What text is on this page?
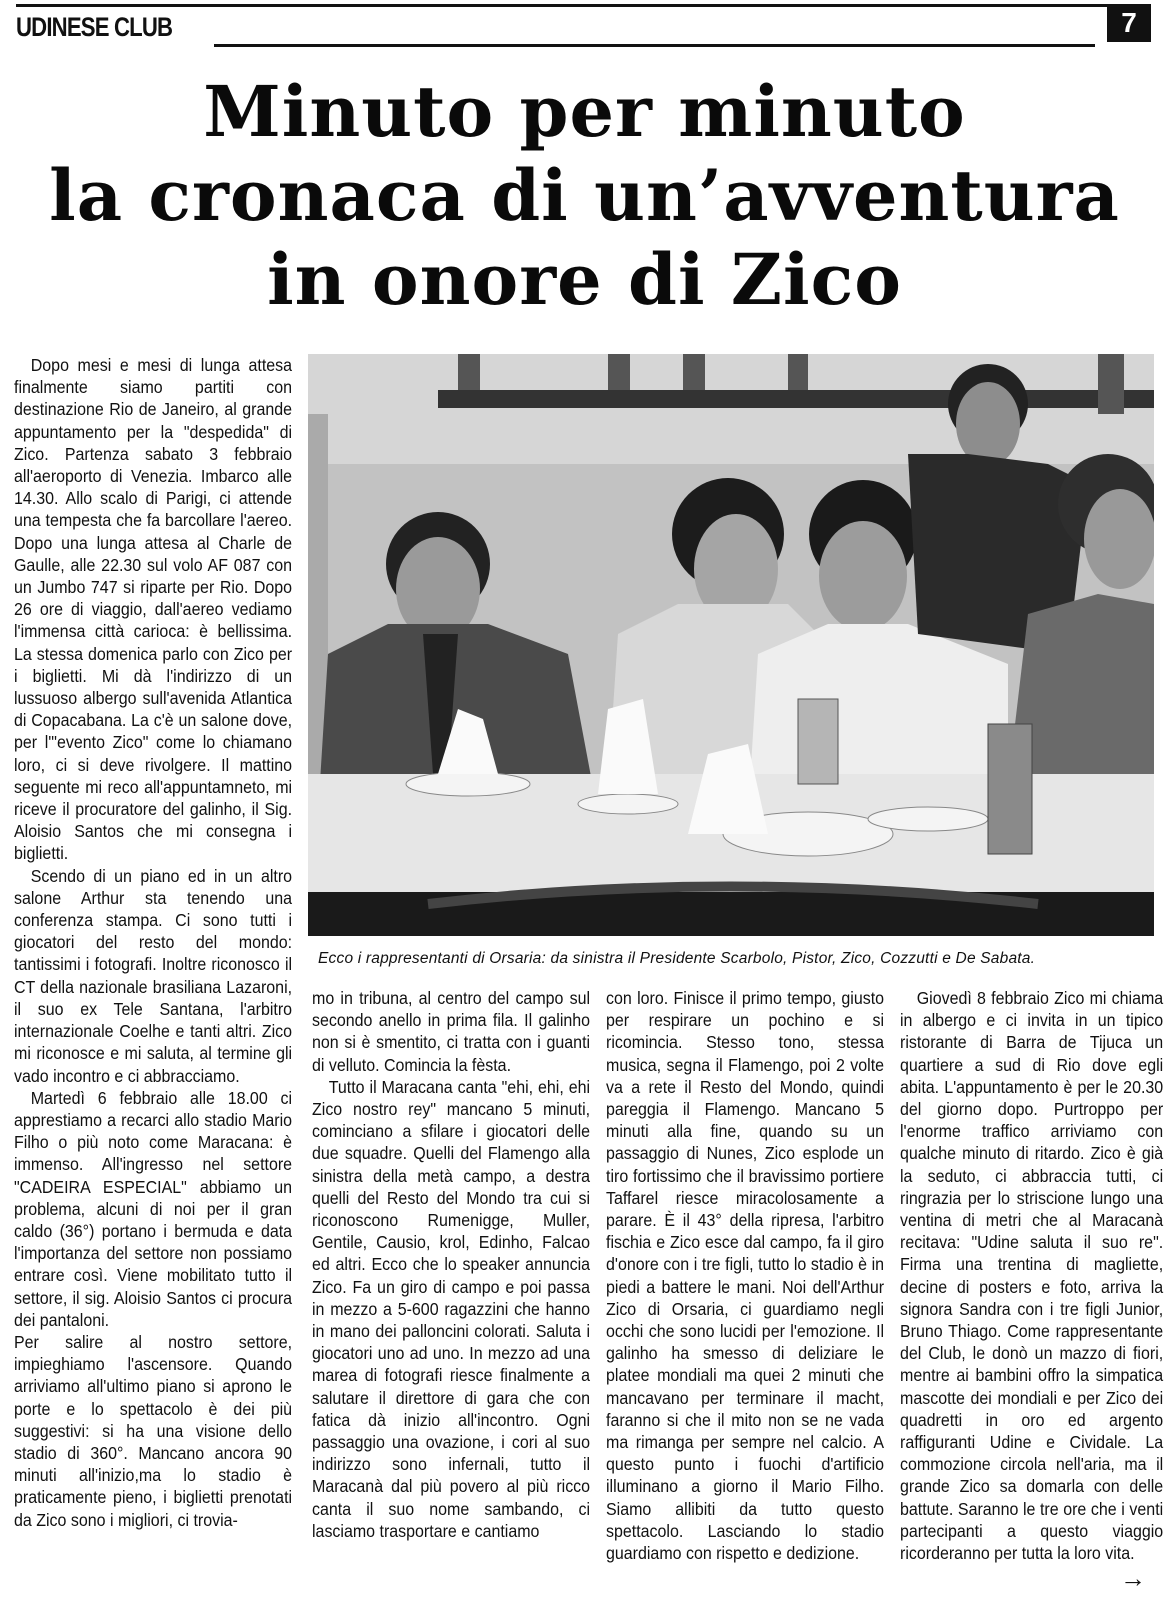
UDINESE CLUB	7
Minuto per minuto
la cronaca di un’avventura
in onore di Zico
Ecco i rappresentanti di Orsaria: da sinistra il Presidente Scarbolo, Pistor, Zico, Cozzutti e De Sabata.

Dopo mesi e mesi di lunga attesa finalmente siamo partiti con destinazione Rio de Janeiro, al grande appuntamento per la "despedida" di Zico. Partenza sabato 3 febbraio all'aeroporto di Venezia. Imbarco alle 14.30. Allo scalo di Parigi, ci attende una tempesta che fa barcollare l'aereo. Dopo una lunga attesa al Charle de Gaulle, alle 22.30 sul volo AF 087 con un Jumbo 747 si riparte per Rio. Dopo 26 ore di viaggio, dall'aereo vediamo l'immensa città carioca: è bellissima. La stessa domenica parlo con Zico per i biglietti. Mi dà l'indirizzo di un lussuoso albergo sull'avenida Atlantica di Copacabana. La c'è un salone dove, per l'"evento Zico" come lo chiamano loro, ci si deve rivolgere. Il mattino seguente mi reco all'appuntamneto, mi riceve il procuratore del galinho, il Sig. Aloisio Santos che mi consegna i biglietti.

Scendo di un piano ed in un altro salone Arthur sta tenendo una conferenza stampa. Ci sono tutti i giocatori del resto del mondo: tantissimi i fotografi. Inoltre riconosco il CT della nazionale brasiliana Lazaroni, il suo ex Tele Santana, l'arbitro internazionale Coelhe e tanti altri. Zico mi riconosce e mi saluta, al termine gli vado incontro e ci abbracciamo.

Martedì 6 febbraio alle 18.00 ci apprestiamo a recarci allo stadio Mario Filho o più noto come Maracana: è immenso. All'ingresso nel settore "CADEIRA ESPECIAL" abbiamo un problema, alcuni di noi per il gran caldo (36°) portano i bermuda e data l'importanza del settore non possiamo entrare così. Viene mobilitato tutto il settore, il sig. Aloisio Santos ci procura dei pantaloni.

Per salire al nostro settore, impieghiamo l'ascensore. Quando arriviamo all'ultimo piano si aprono le porte e lo spettacolo è dei più suggestivi: si ha una visione dello stadio di 360°. Mancano ancora 90 minuti all'inizio,ma lo stadio è praticamente pieno, i biglietti prenotati da Zico sono i migliori, ci trovia-

mo in tribuna, al centro del campo sul secondo anello in prima fila. Il galinho non si è smentito, ci tratta con i guanti di velluto. Comincia la fèsta.

Tutto il Maracana canta "ehi, ehi, ehi Zico nostro rey" mancano 5 minuti, cominciano a sfilare i giocatori delle due squadre. Quelli del Flamengo alla sinistra della metà campo, a destra quelli del Resto del Mondo tra cui si riconoscono Rumenigge, Muller, Gentile, Causio, krol, Edinho, Falcao ed altri. Ecco che lo speaker annuncia Zico. Fa un giro di campo e poi passa in mezzo a 5-600 ragazzini che hanno in mano dei palloncini colorati. Saluta i giocatori uno ad uno. In mezzo ad una marea di fotografi riesce finalmente a salutare il direttore di gara che con fatica dà inizio all'incontro. Ogni passaggio una ovazione, i cori al suo indirizzo sono infernali, tutto il Maracanà dal più povero al più ricco canta il suo nome sambando, ci lasciamo trasportare e cantiamo

con loro. Finisce il primo tempo, giusto per respirare un pochino e si ricomincia. Stesso tono, stessa musica, segna il Flamengo, poi 2 volte va a rete il Resto del Mondo, quindi pareggia il Flamengo. Mancano 5 minuti alla fine, quando su un passaggio di Nunes, Zico esplode un tiro fortissimo che il bravissimo portiere Taffarel riesce miracolosamente a parare. È il 43° della ripresa, l'arbitro fischia e Zico esce dal campo, fa il giro d'onore con i tre figli, tutto lo stadio è in piedi a battere le mani. Noi dell'Arthur Zico di Orsaria, ci guardiamo negli occhi che sono lucidi per l'emozione. Il galinho ha smesso di deliziare le platee mondiali ma quei 2 minuti che mancavano per terminare il macht, faranno si che il mito non se ne vada ma rimanga per sempre nel calcio. A questo punto i fuochi d'artificio illuminano a giorno il Mario Filho. Siamo allibiti da tutto questo spettacolo. Lasciando lo stadio guardiamo con rispetto e dedizione.

Giovedì 8 febbraio Zico mi chiama in albergo e ci invita in un tipico ristorante di Barra de Tijuca un quartiere a sud di Rio dove egli abita. L'appuntamento è per le 20.30 del giorno dopo. Purtroppo per l'enorme traffico arriviamo con qualche minuto di ritardo. Zico è già la seduto, ci abbraccia tutti, ci ringrazia per lo striscione lungo una ventina di metri che al Maracanà recitava: "Udine saluta il suo re". Firma una trentina di magliette, decine di posters e foto, arriva la signora Sandra con i tre figli Junior, Bruno Thiago. Come rappresentante del Club, le donò un mazzo di fiori, mentre ai bambini offro la simpatica mascotte dei mondiali e per Zico dei quadretti in oro ed argento raffiguranti Udine e Cividale. La commozione circola nell'aria, ma il grande Zico sa domarla con delle battute. Saranno le tre ore che i venti partecipanti a questo viaggio ricorderanno per tutta la loro vita.

→
